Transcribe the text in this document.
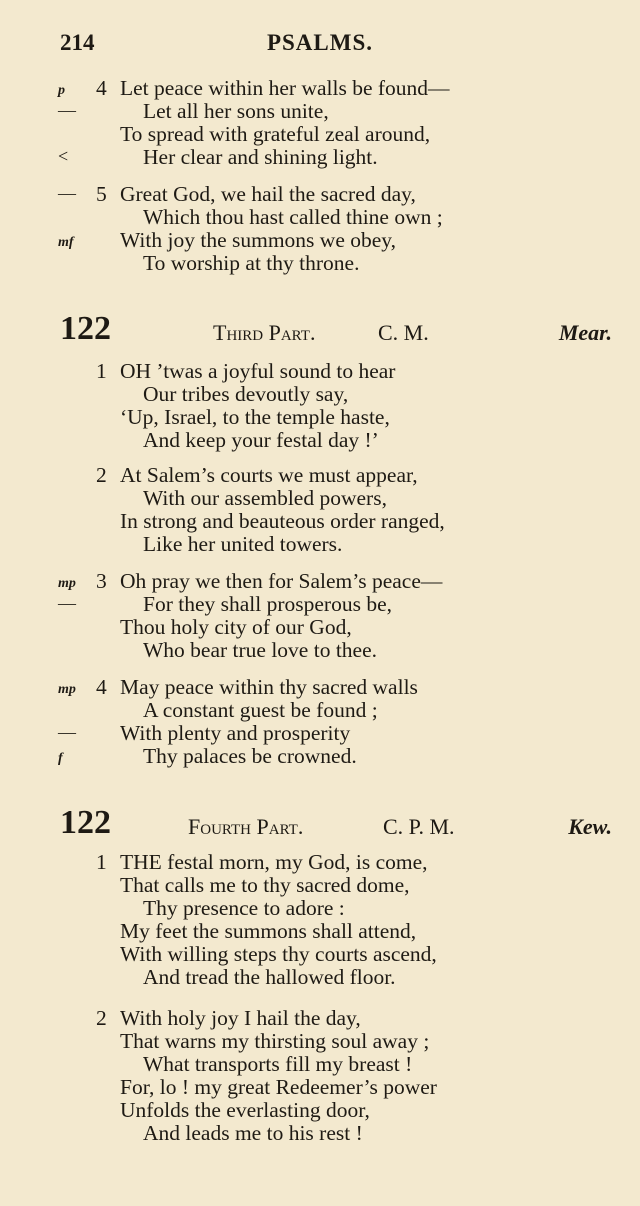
214	PSALMS.
p 4 Let peace within her walls be found—
—	Let all her sons unite,
To spread with grateful zeal around,
<	Her clear and shining light.
— 5 Great God, we hail the sacred day,
Which thou hast called thine own ;
mf With joy the summons we obey,
To worship at thy throne.
122	Third Part.	C. M.	Mear.
1 OH ’twas a joyful sound to hear
Our tribes devoutly say,
‘Up, Israel, to the temple haste,
And keep your festal day !’
2 At Salem’s courts we must appear,
With our assembled powers,
In strong and beauteous order ranged,
Like her united towers.
mp 3 Oh pray we then for Salem’s peace—
—	For they shall prosperous be,
Thou holy city of our God,
Who bear true love to thee.
mp 4 May peace within thy sacred walls
A constant guest be found ;
— With plenty and prosperity
f	Thy palaces be crowned.
122	Fourth Part.	C. P. M.	Kew.
1 THE festal morn, my God, is come,
That calls me to thy sacred dome,
Thy presence to adore :
My feet the summons shall attend,
With willing steps thy courts ascend,
And tread the hallowed floor.
2 With holy joy I hail the day,
That warns my thirsting soul away ;
What transports fill my breast !
For, lo ! my great Redeemer’s power
Unfolds the everlasting door,
And leads me to his rest !
